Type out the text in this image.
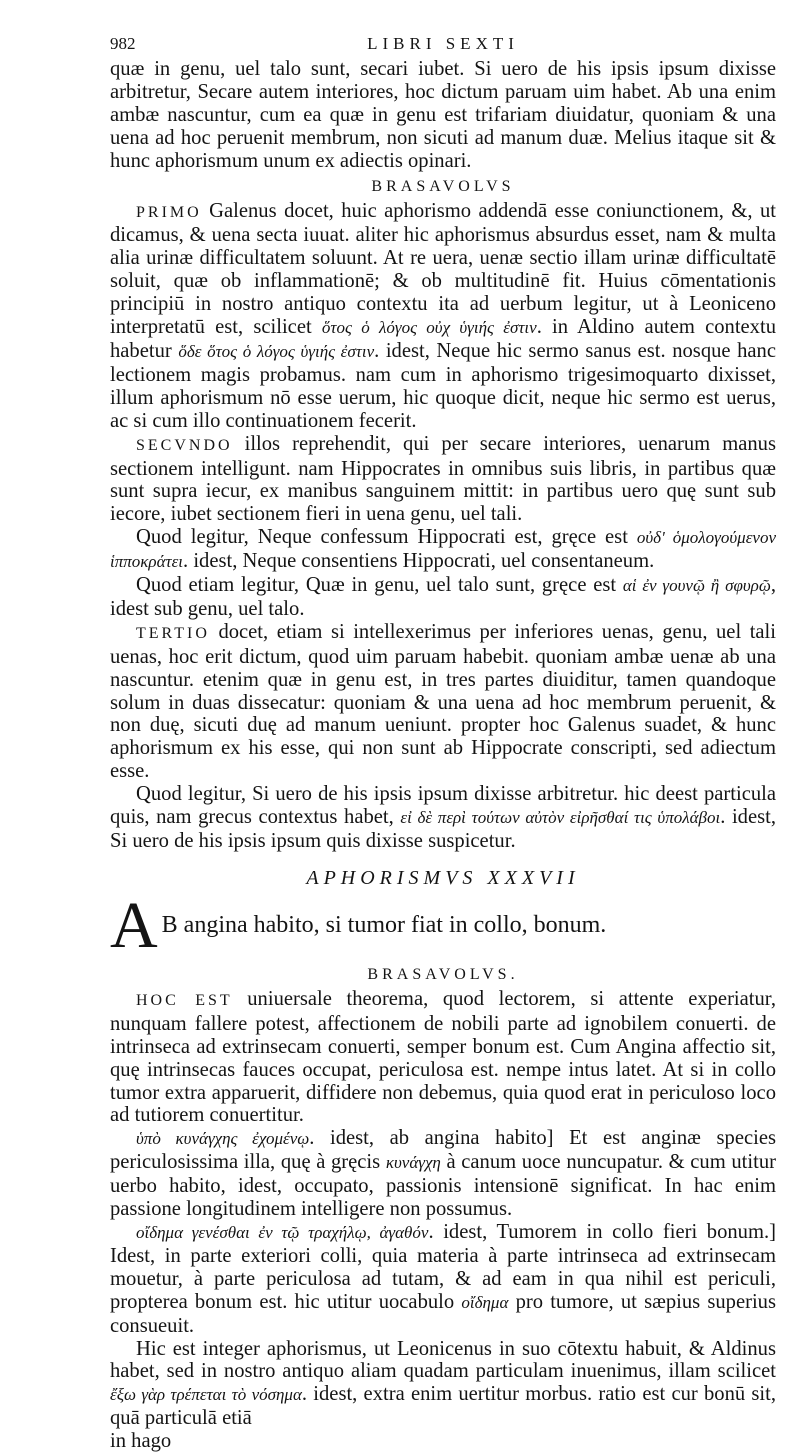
982	LIBRI SEXTI

quæ in genu, uel talo sunt, secari iubet. Si uero de his ipsis ipsum dixisse arbitretur, Secare autem interiores, hoc dictum paruam uim habet. Ab una enim ambæ nascuntur, cum ea quæ in genu est trifariam diuidatur, quoniam & una uena ad hoc peruenit membrum, non sicuti ad manum duæ. Melius itaque sit & hunc aphorismum unum ex adiectis opinari.

BRASAVOLVS

PRIMO Galenus docet, huic aphorismo addendā esse coniunctionem, &, ut dicamus, & uena secta iuuat. aliter hic aphorismus absurdus esset, nam & multa alia urinæ difficultatem soluunt. At re uera, uenæ sectio illam urinæ difficultatē soluit, quæ ob inflammationē; & ob multitudinē fit. Huius cōmentationis principiū in nostro antiquo contextu ita ad uerbum legitur, ut à Leoniceno interpretatū est, scilicet ὅτος ὁ λόγος οὐχ ὑγιής ἐστιν. in Aldino autem contextu habetur ὅδε ὅτος ὁ λόγος ὑγιής ἐστιν. idest, Neque hic sermo sanus est. nosque hanc lectionem magis probamus. nam cum in aphorismo trigesimoquarto dixisset, illum aphorismum nō esse uerum, hic quoque dicit, neque hic sermo est uerus, ac si cum illo continuationem fecerit.

SECVNDO illos reprehendit, qui per secare interiores, uenarum manus sectionem intelligunt. nam Hippocrates in omnibus suis libris, in partibus quæ sunt supra iecur, ex manibus sanguinem mittit: in partibus uero quę sunt sub iecore, iubet sectionem fieri in uena genu, uel tali.

Quod legitur, Neque confessum Hippocrati est, gręce est οὐδ' ὁμολογούμενον ἱπποκράτει. idest, Neque consentiens Hippocrati, uel consentaneum.

Quod etiam legitur, Quæ in genu, uel talo sunt, gręce est αἱ ἐν γουνῷ ἢ σφυρῷ, idest sub genu, uel talo.

TERTIO docet, etiam si intellexerimus per inferiores uenas, genu, uel tali uenas, hoc erit dictum, quod uim paruam habebit. quoniam ambæ uenæ ab una nascuntur. etenim quæ in genu est, in tres partes diuiditur, tamen quandoque solum in duas dissecatur: quoniam & una uena ad hoc membrum peruenit, & non duę, sicuti duę ad manum ueniunt. propter hoc Galenus suadet, & hunc aphorismum ex his esse, qui non sunt ab Hippocrate conscripti, sed adiectum esse.

Quod legitur, Si uero de his ipsis ipsum dixisse arbitretur. hic deest particula quis, nam grecus contextus habet, εἰ δὲ περὶ τούτων αὐτὸν εἰρῆσθαί τις ὑπολάβοι. idest, Si uero de his ipsis ipsum quis dixisse suspicetur.

APHORISMVS XXXVII
A B angina habito, si tumor fiat in collo, bonum.
BRASAVOLVS.

HOC EST uniuersale theorema, quod lectorem, si attente experiatur, nunquam fallere potest, affectionem de nobili parte ad ignobilem conuerti. de intrinseca ad extrinsecam conuerti, semper bonum est. Cum Angina affectio sit, quę intrinsecas fauces occupat, periculosa est. nempe intus latet. At si in collo tumor extra apparuerit, diffidere non debemus, quia quod erat in periculoso loco ad tutiorem conuertitur.

ὑπὸ κυνάγχης ἐχομένῳ. idest, ab angina habito] Et est anginæ species periculosissima illa, quę à gręcis κυνάγχη à canum uoce nuncupatur. & cum utitur uerbo habito, idest, occupato, passionis intensionē significat. In hac enim passione longitudinem intelligere non possumus.

οἴδημα γενέσθαι ἐν τῷ τραχήλῳ, ἀγαθόν. idest, Tumorem in collo fieri bonum.] Idest, in parte exteriori colli, quia materia à parte intrinseca ad extrinsecam mouetur, à parte periculosa ad tutam, & ad eam in qua nihil est periculi, propterea bonum est. hic utitur uocabulo οἴδημα pro tumore, ut sæpius superius consueuit.

Hic est integer aphorismus, ut Leonicenus in suo cōtextu habuit, & Aldinus habet, sed in nostro antiquo aliam quadam particulam inuenimus, illam scilicet ἔξω γὰρ τρέπεται τὸ νόσημα. idest, extra enim uertitur morbus. ratio est cur bonū sit, quā particulā etiā

in hago
